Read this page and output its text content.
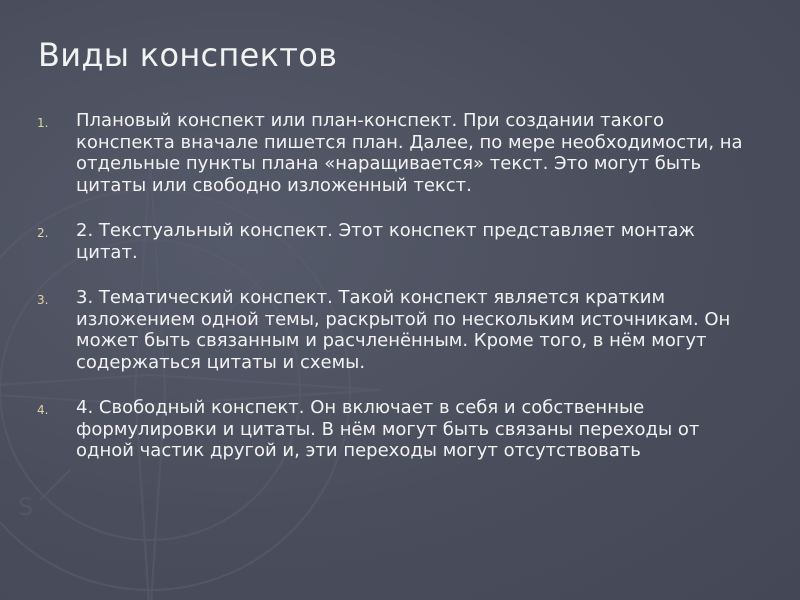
S
Виды конспектов
1. Плановый конспект или план-конспект. При создании такого конспекта вначале пишется план. Далее, по мере необходимости, на отдельные пункты плана «наращивается» текст. Это могут быть цитаты или свободно изложенный текст.
2. 2. Текстуальный конспект. Этот конспект представляет монтаж цитат.
3. 3. Тематический конспект. Такой конспект является кратким изложением одной темы, раскрытой по нескольким источникам. Он может быть связанным и расчленённым. Кроме того, в нём могут содержаться цитаты и схемы.
4. 4. Свободный конспект. Он включает в себя и собственные формулировки и цитаты. В нём могут быть связаны переходы от одной частик другой и, эти переходы могут отсутствовать
